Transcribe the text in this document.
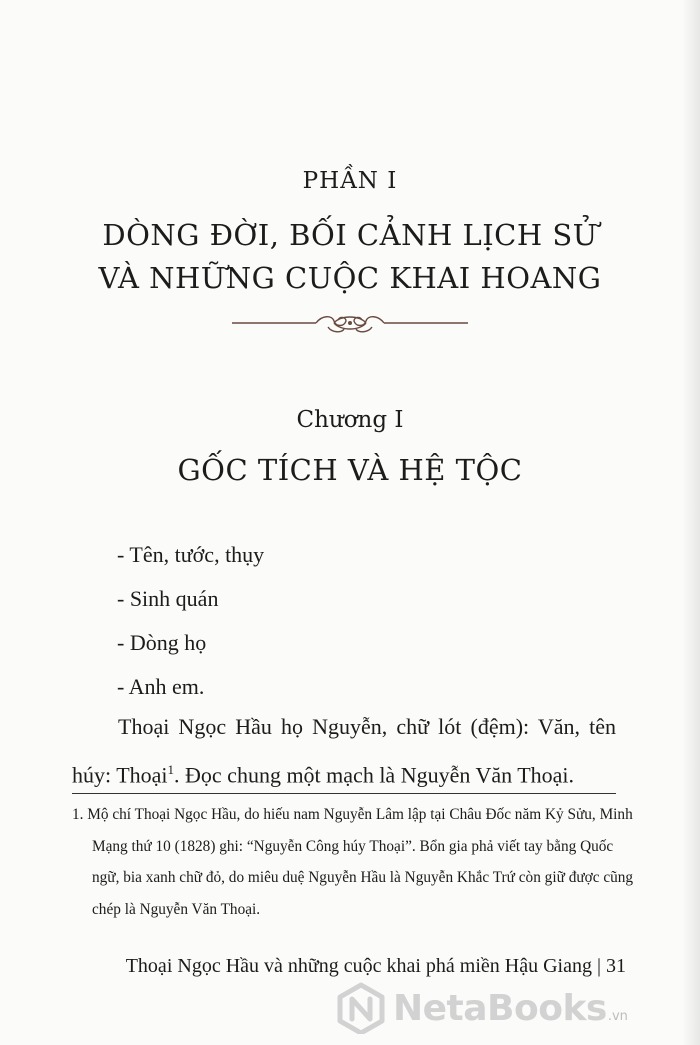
PHẦN I
DÒNG ĐỜI, BỐI CẢNH LỊCH SỬ
VÀ NHỮNG CUỘC KHAI HOANG
Chương I
GỐC TÍCH VÀ HỆ TỘC
- Tên, tước, thụy
- Sinh quán
- Dòng họ
- Anh em.

Thoại Ngọc Hầu họ Nguyễn, chữ lót (đệm): Văn, tên húy: Thoại$^1$. Đọc chung một mạch là Nguyễn Văn Thoại.

1. Mộ chí Thoại Ngọc Hầu, do hiếu nam Nguyễn Lâm lập tại Châu Đốc năm Kỷ Sửu, Minh Mạng thứ 10 (1828) ghi: “Nguyễn Công húy Thoại”. Bổn gia phả viết tay bằng Quốc ngữ, bia xanh chữ đỏ, do miêu duệ Nguyễn Hầu là Nguyễn Khắc Trứ còn giữ được cũng chép là Nguyễn Văn Thoại.

Thoại Ngọc Hầu và những cuộc khai phá miền Hậu Giang | 31
NetaBooks .vn
